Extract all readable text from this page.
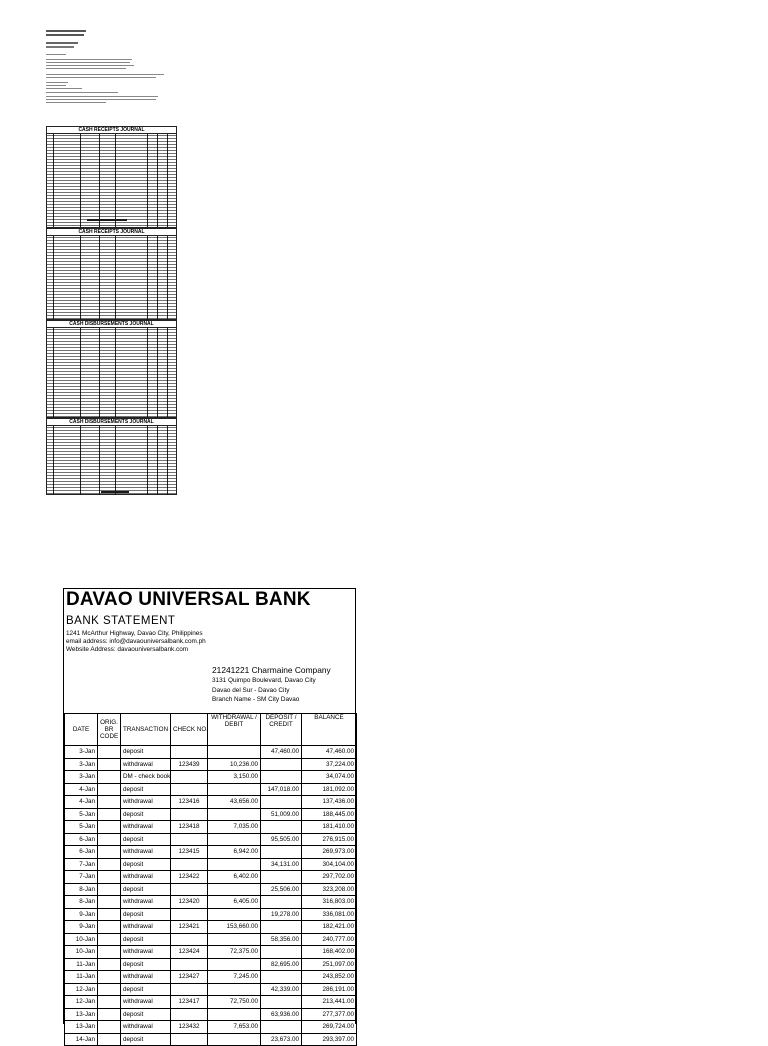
CASH RECEIPTS JOURNAL
CASH RECEIPTS JOURNAL
CASH DISBURSEMENTS JOURNAL
CASH DISBURSEMENTS JOURNAL
DAVAO UNIVERSAL BANK
BANK STATEMENT
1241 McArthur Highway, Davao City, Philippines
email address: info@davaouniversalbank.com.ph
Website Address: davaouniversalbank.com
21241221 Charmaine Company
3131 Quimpo Boulevard, Davao City
Davao del Sur - Davao City
Branch Name - SM City Davao
DATE	ORIG. BR CODE	TRANSACTION	CHECK NO.	WITHDRAWAL / DEBIT	DEPOSIT / CREDIT	BALANCE
3-Jan		deposit			47,460.00	47,460.00
3-Jan		withdrawal	123439	10,236.00		37,224.00
3-Jan		DM - check book		3,150.00		34,074.00
4-Jan		deposit			147,018.00	181,092.00
4-Jan		withdrawal	123416	43,656.00		137,436.00
5-Jan		deposit			51,009.00	188,445.00
5-Jan		withdrawal	123418	7,035.00		181,410.00
6-Jan		deposit			95,505.00	276,915.00
6-Jan		withdrawal	123415	6,942.00		269,973.00
7-Jan		deposit			34,131.00	304,104.00
7-Jan		withdrawal	123422	6,402.00		297,702.00
8-Jan		deposit			25,506.00	323,208.00
8-Jan		withdrawal	123420	6,405.00		316,803.00
9-Jan		deposit			19,278.00	336,081.00
9-Jan		withdrawal	123421	153,660.00		182,421.00
10-Jan		deposit			58,356.00	240,777.00
10-Jan		withdrawal	123424	72,375.00		168,402.00
11-Jan		deposit			82,695.00	251,097.00
11-Jan		withdrawal	123427	7,245.00		243,852.00
12-Jan		deposit			42,339.00	286,191.00
12-Jan		withdrawal	123417	72,750.00		213,441.00
13-Jan		deposit			63,936.00	277,377.00
13-Jan		withdrawal	123432	7,653.00		269,724.00
14-Jan		deposit			23,673.00	293,397.00
